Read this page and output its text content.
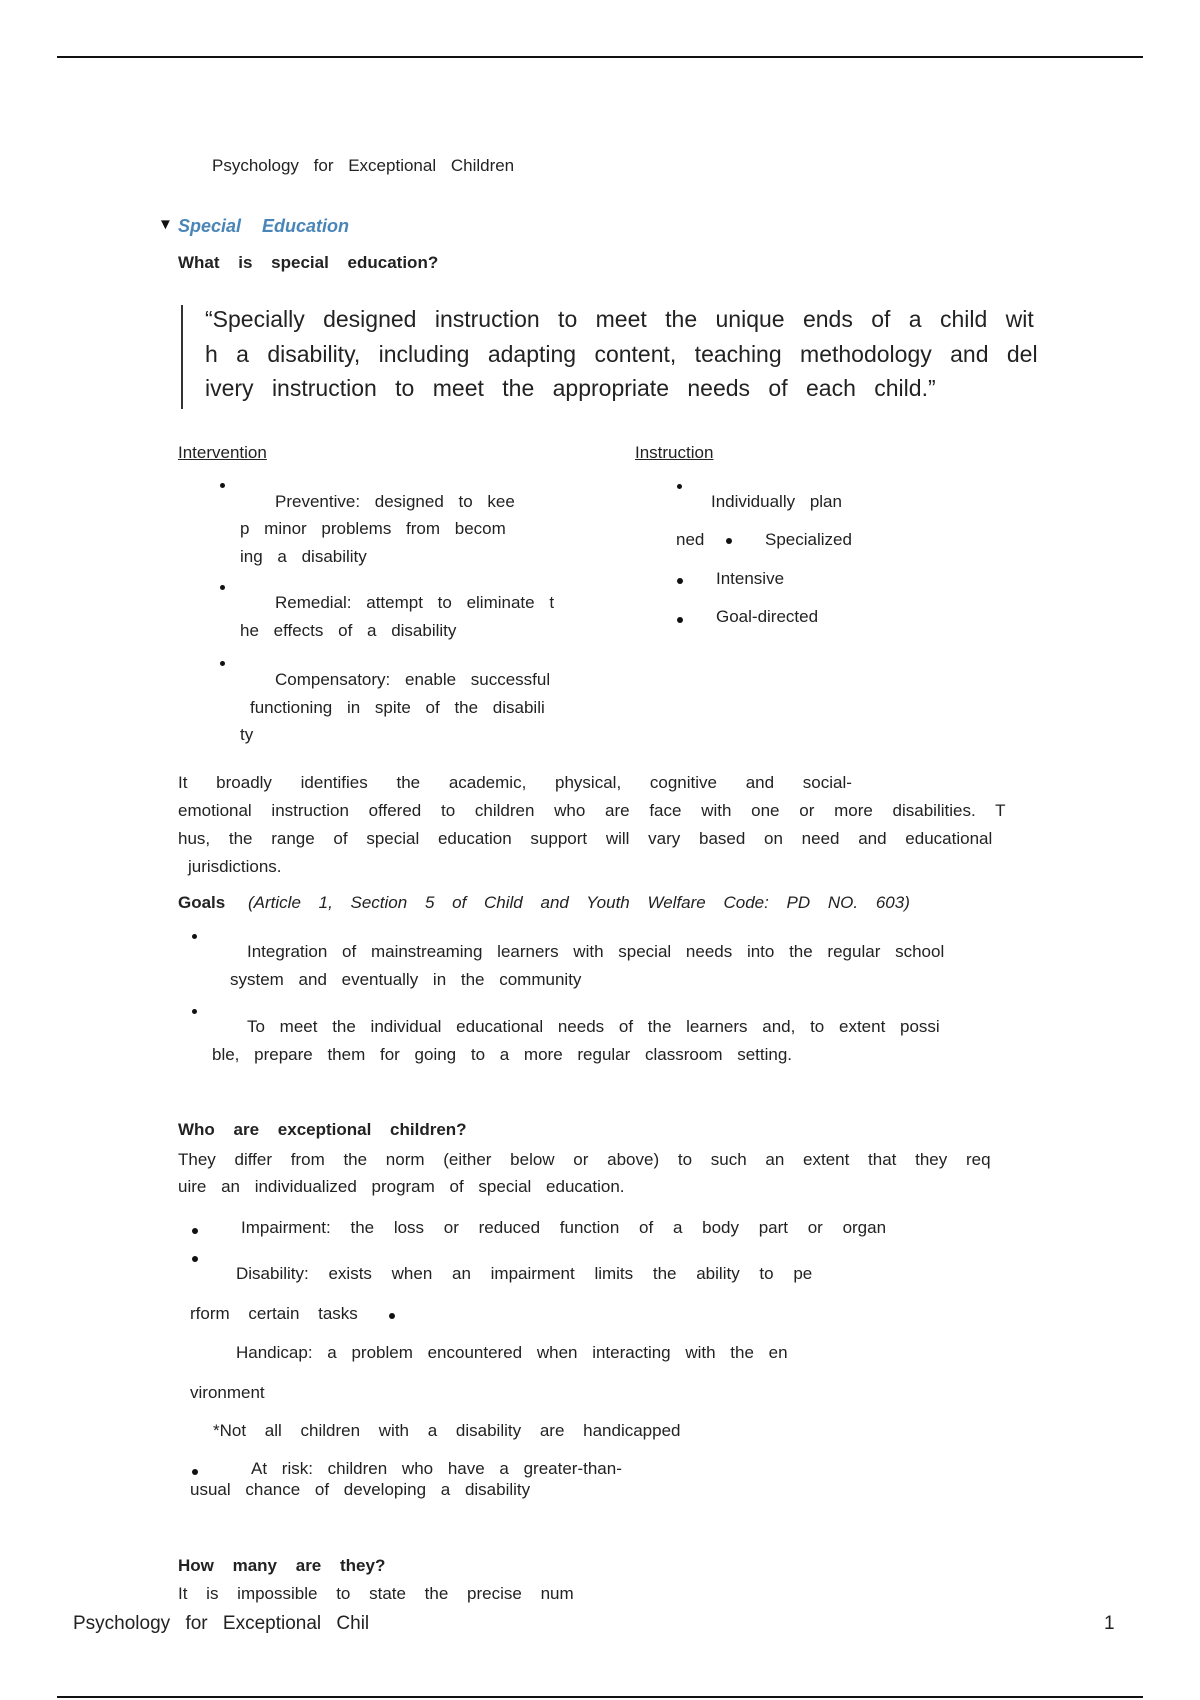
Psychology for Exceptional Children
▼ Special Education
What is special education?
“Specially designed instruction to meet the unique ends of a child wit
h a disability, including adapting content, teaching methodology and del
ivery instruction to meet the appropriate needs of each child.”
Intervention
Preventive: designed to kee
p minor problems from becom
ing a disability
Remedial: attempt to eliminate t
he effects of a disability
Compensatory: enable successful
functioning in spite of the disabili
ty
Instruction
Individually plan
ned	Specialized
Intensive
Goal-directed
It broadly identifies the academic, physical, cognitive and social-
emotional instruction offered to children who are face with one or more disabilities. T
hus, the range of special education support will vary based on need and educational
jurisdictions.
Goals (Article 1, Section 5 of Child and Youth Welfare Code: PD NO. 603)
Integration of mainstreaming learners with special needs into the regular school
system and eventually in the community
To meet the individual educational needs of the learners and, to extent possi
ble, prepare them for going to a more regular classroom setting.
Who are exceptional children?
They differ from the norm (either below or above) to such an extent that they req
uire an individualized program of special education.
Impairment: the loss or reduced function of a body part or organ
Disability: exists when an impairment limits the ability to pe
rform certain tasks
Handicap: a problem encountered when interacting with the en
vironment
*Not all children with a disability are handicapped
At risk: children who have a greater-than-
usual chance of developing a disability
How many are they?
It is impossible to state the precise num
Psychology for Exceptional Chil	1
